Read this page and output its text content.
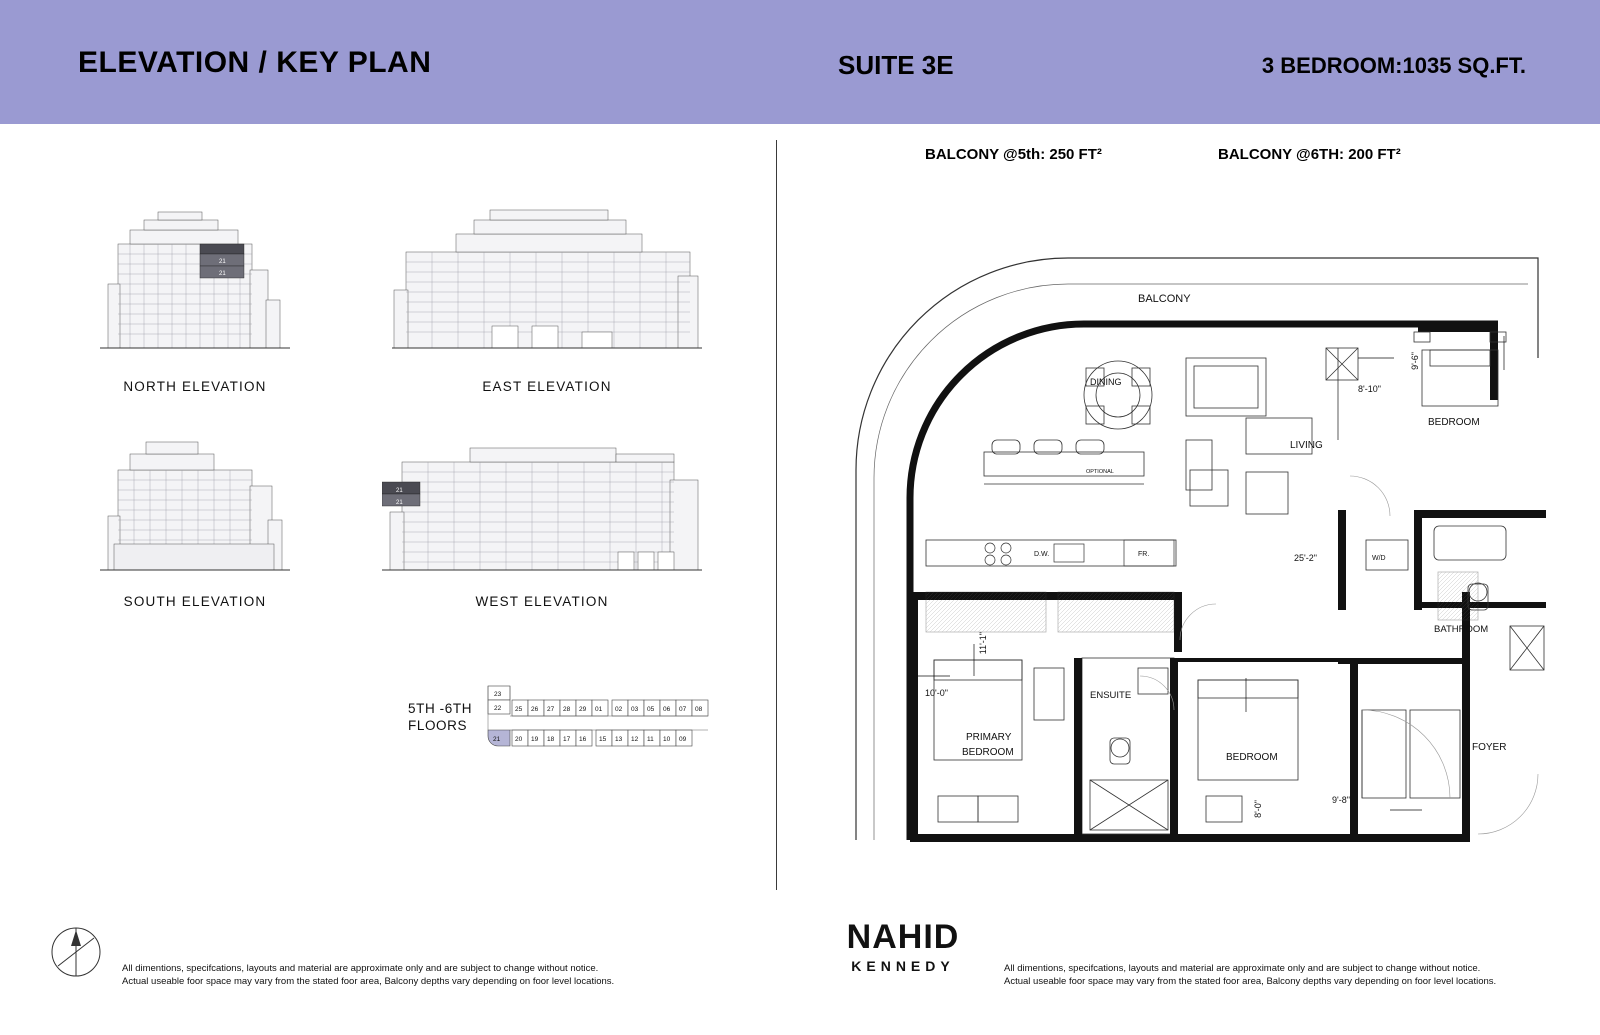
ELEVATION / KEY PLAN	SUITE 3E	3 BEDROOM:1035 SQ.FT.
21
21
NORTH ELEVATION	EAST ELEVATION
SOUTH ELEVATION
21
21
WEST ELEVATION
5TH -6TH
FLOORS
23
22 25 26 27 28 29 01 02 03 05 06 07 08
20 19 18 17 16 15 13 12 11 10 09
21
BALCONY @5th: 250 FT²	BALCONY @6TH: 200 FT²
BALCONY
D.W.	FR.
DINING
OPTIONAL
LIVING
BEDROOM
W/D
BATHROOM
PRIMARY
BEDROOM
ENSUITE
BEDROOM
FOYER
8'-10"
9'-6"
25'-2"
11'-1"
10'-0"
8'-0"	9'-8"
All dimentions, specifcations, layouts and material are approximate only and are subject to change without notice.
Actual useable foor space may vary from the stated foor area, Balcony depths vary depending on foor level locations.
NAHID
KENNEDY	All dimentions, specifcations, layouts and material are approximate only and are subject to change without notice.
Actual useable foor space may vary from the stated foor area, Balcony depths vary depending on foor level locations.
